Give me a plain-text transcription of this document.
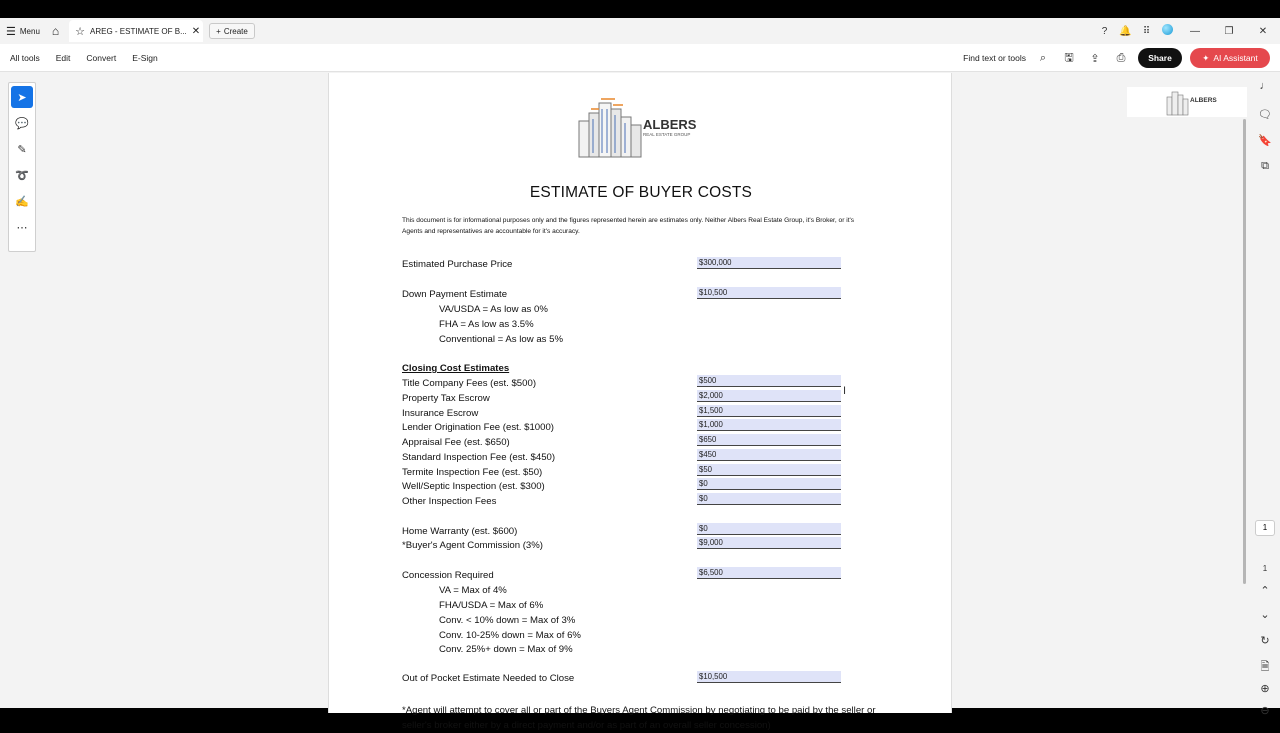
☰ Menu ⌂ ☆ AREG - ESTIMATE OF B... ✕ + Create	?	🔔	⠿	—	❐	✕
All tools Edit Convert E-Sign	Find text or tools	⌕	🖫	⇪	⎙	Share	✦ AI Assistant
ALBERS
REAL ESTATE GROUP
ESTIMATE OF BUYER COSTS
This document is for informational purposes only and the figures represented herein are estimates only. Neither Albers Real Estate Group, it's Broker, or it's Agents and representatives are accountable for it's accuracy.
Estimated Purchase Price	$300,000
Down Payment Estimate	$10,500
VA/USDA = As low as 0%
FHA = As low as 3.5%
Conventional = As low as 5%
Closing Cost Estimates
Title Company Fees (est. $500)	$500
Property Tax Escrow	$2,000
Insurance Escrow	$1,500
Lender Origination Fee (est. $1000)	$1,000
Appraisal Fee (est. $650)	$650
Standard Inspection Fee (est. $450)	$450
Termite Inspection Fee (est. $50)	$50
Well/Septic Inspection (est. $300)	$0
Other Inspection Fees	$0
Home Warranty (est. $600)	$0
*Buyer's Agent Commission (3%)	$9,000
Concession Required	$6,500
VA = Max of 4%
FHA/USDA = Max of 6%
Conv. < 10% down = Max of 3%
Conv. 10-25% down = Max of 6%
Conv. 25%+ down = Max of 9%
Out of Pocket Estimate Needed to Close	$10,500
*Agent will attempt to cover all or part of the Buyers Agent Commission by negotiating to be paid by the seller or seller's broker either by a direct payment and/or as part of an overall seller concession)
➤
💬
✎
➰
✍
⋯
ALBERS
♩
🗨
🔖
⧉
1
⌃
⌄
↻
🗎
⊕
⊖
1
I
